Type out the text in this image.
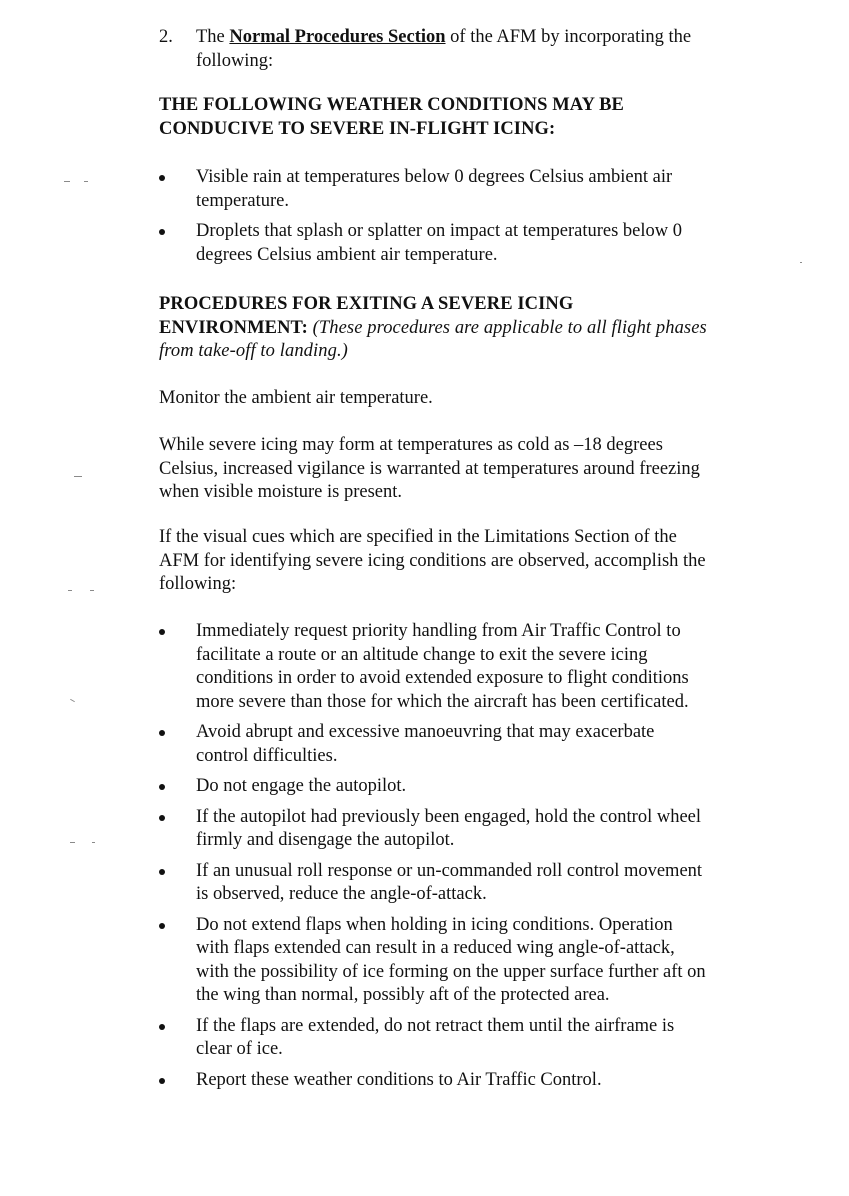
2. The Normal Procedures Section of the AFM by incorporating the
following:
THE FOLLOWING WEATHER CONDITIONS MAY BE
CONDUCIVE TO SEVERE IN-FLIGHT ICING:
Visible rain at temperatures below 0 degrees Celsius ambient air
temperature.
Droplets that splash or splatter on impact at temperatures below 0
degrees Celsius ambient air temperature.
PROCEDURES FOR EXITING A SEVERE ICING
ENVIRONMENT: (These procedures are applicable to all flight phases
from take-off to landing.)
Monitor the ambient air temperature.
While severe icing may form at temperatures as cold as –18 degrees
Celsius, increased vigilance is warranted at temperatures around freezing
when visible moisture is present.
If the visual cues which are specified in the Limitations Section of the
AFM for identifying severe icing conditions are observed, accomplish the
following:
Immediately request priority handling from Air Traffic Control to
facilitate a route or an altitude change to exit the severe icing
conditions in order to avoid extended exposure to flight conditions
more severe than those for which the aircraft has been certificated.
Avoid abrupt and excessive manoeuvring that may exacerbate
control difficulties.
Do not engage the autopilot.
If the autopilot had previously been engaged, hold the control wheel
firmly and disengage the autopilot.
If an unusual roll response or un-commanded roll control movement
is observed, reduce the angle-of-attack.
Do not extend flaps when holding in icing conditions. Operation
with flaps extended can result in a reduced wing angle-of-attack,
with the possibility of ice forming on the upper surface further aft on
the wing than normal, possibly aft of the protected area.
If the flaps are extended, do not retract them until the airframe is
clear of ice.
Report these weather conditions to Air Traffic Control.
